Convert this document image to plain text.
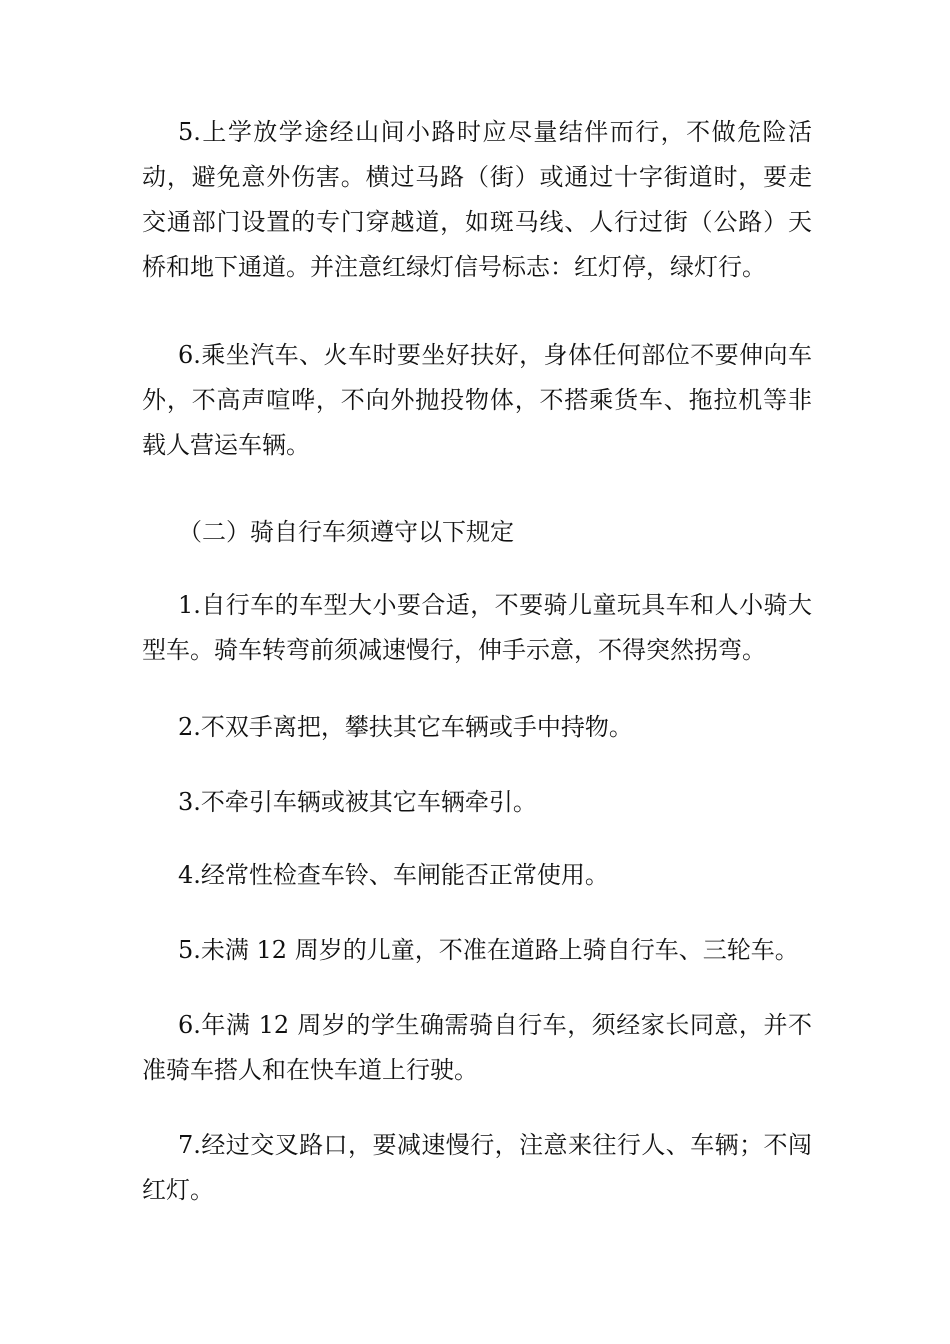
5.上学放学途经山间小路时应尽量结伴而行，不做危险活动，避免意外伤害。横过马路（街）或通过十字街道时，要走交通部门设置的专门穿越道，如斑马线、人行过街（公路）天桥和地下通道。并注意红绿灯信号标志：红灯停，绿灯行。

6.乘坐汽车、火车时要坐好扶好，身体任何部位不要伸向车外，不高声喧哗，不向外抛投物体，不搭乘货车、拖拉机等非载人营运车辆。

（二）骑自行车须遵守以下规定

1.自行车的车型大小要合适，不要骑儿童玩具车和人小骑大型车。骑车转弯前须减速慢行，伸手示意，不得突然拐弯。

2.不双手离把，攀扶其它车辆或手中持物。

3.不牵引车辆或被其它车辆牵引。

4.经常性检查车铃、车闸能否正常使用。

5.未满 12 周岁的儿童，不准在道路上骑自行车、三轮车。

6.年满 12 周岁的学生确需骑自行车，须经家长同意，并不准骑车搭人和在快车道上行驶。

7.经过交叉路口，要减速慢行，注意来往行人、车辆；不闯红灯。
